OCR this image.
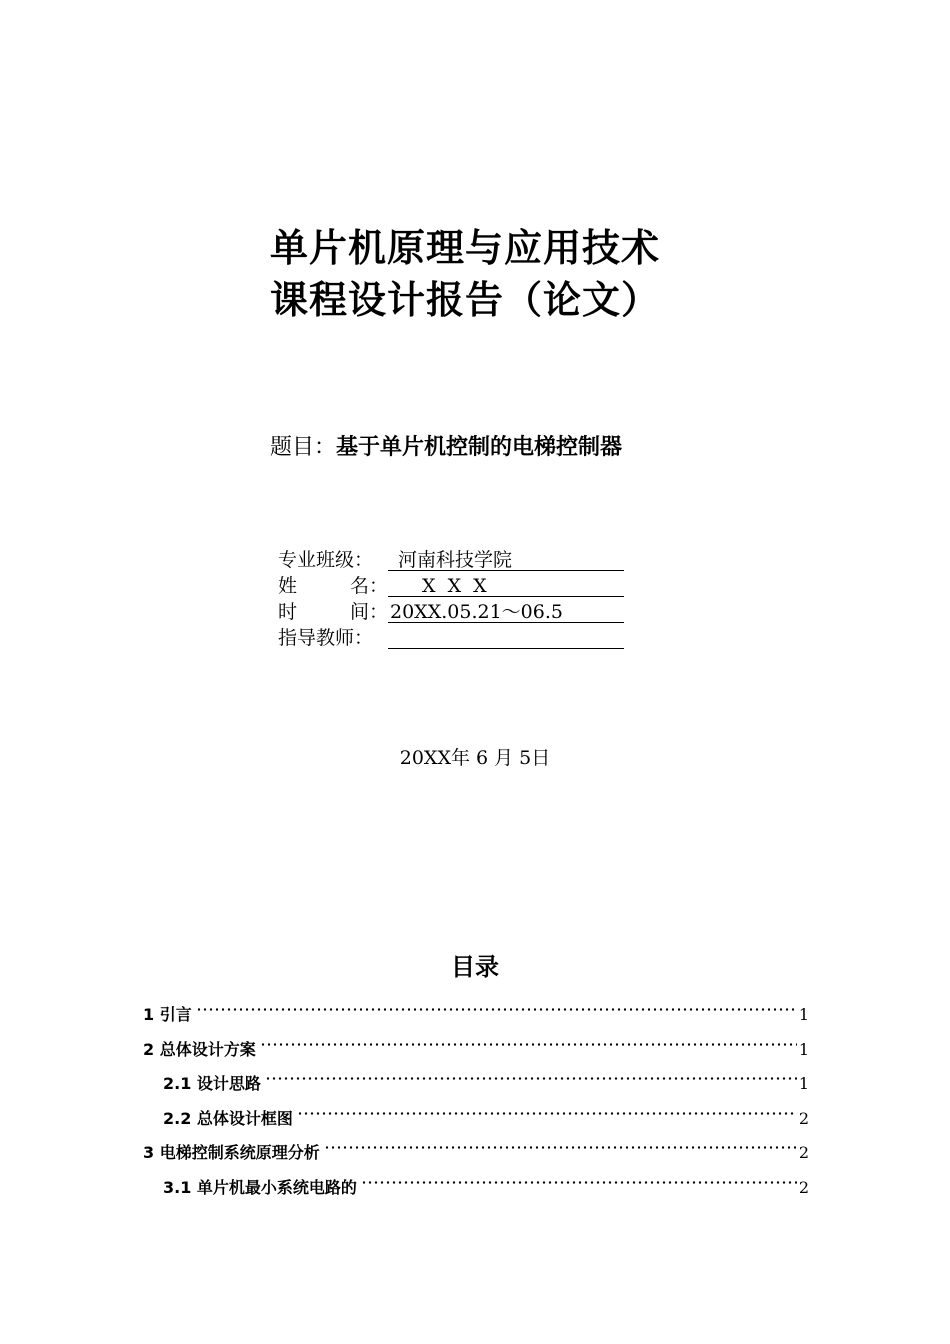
单片机原理与应用技术
课程设计报告（论文）
题目：基于单片机控制的电梯控制器
专业班级：	河南科技学院
姓	名：	X X X
时	间： 20XX.05.21～06.5
指导教师：
20XX年 6 月 5日
目录
1 引言	1
2 总体设计方案	1
2.1 设计思路	1
2.2 总体设计框图	2
3 电梯控制系统原理分析	2
3.1 单片机最小系统电路的	2
